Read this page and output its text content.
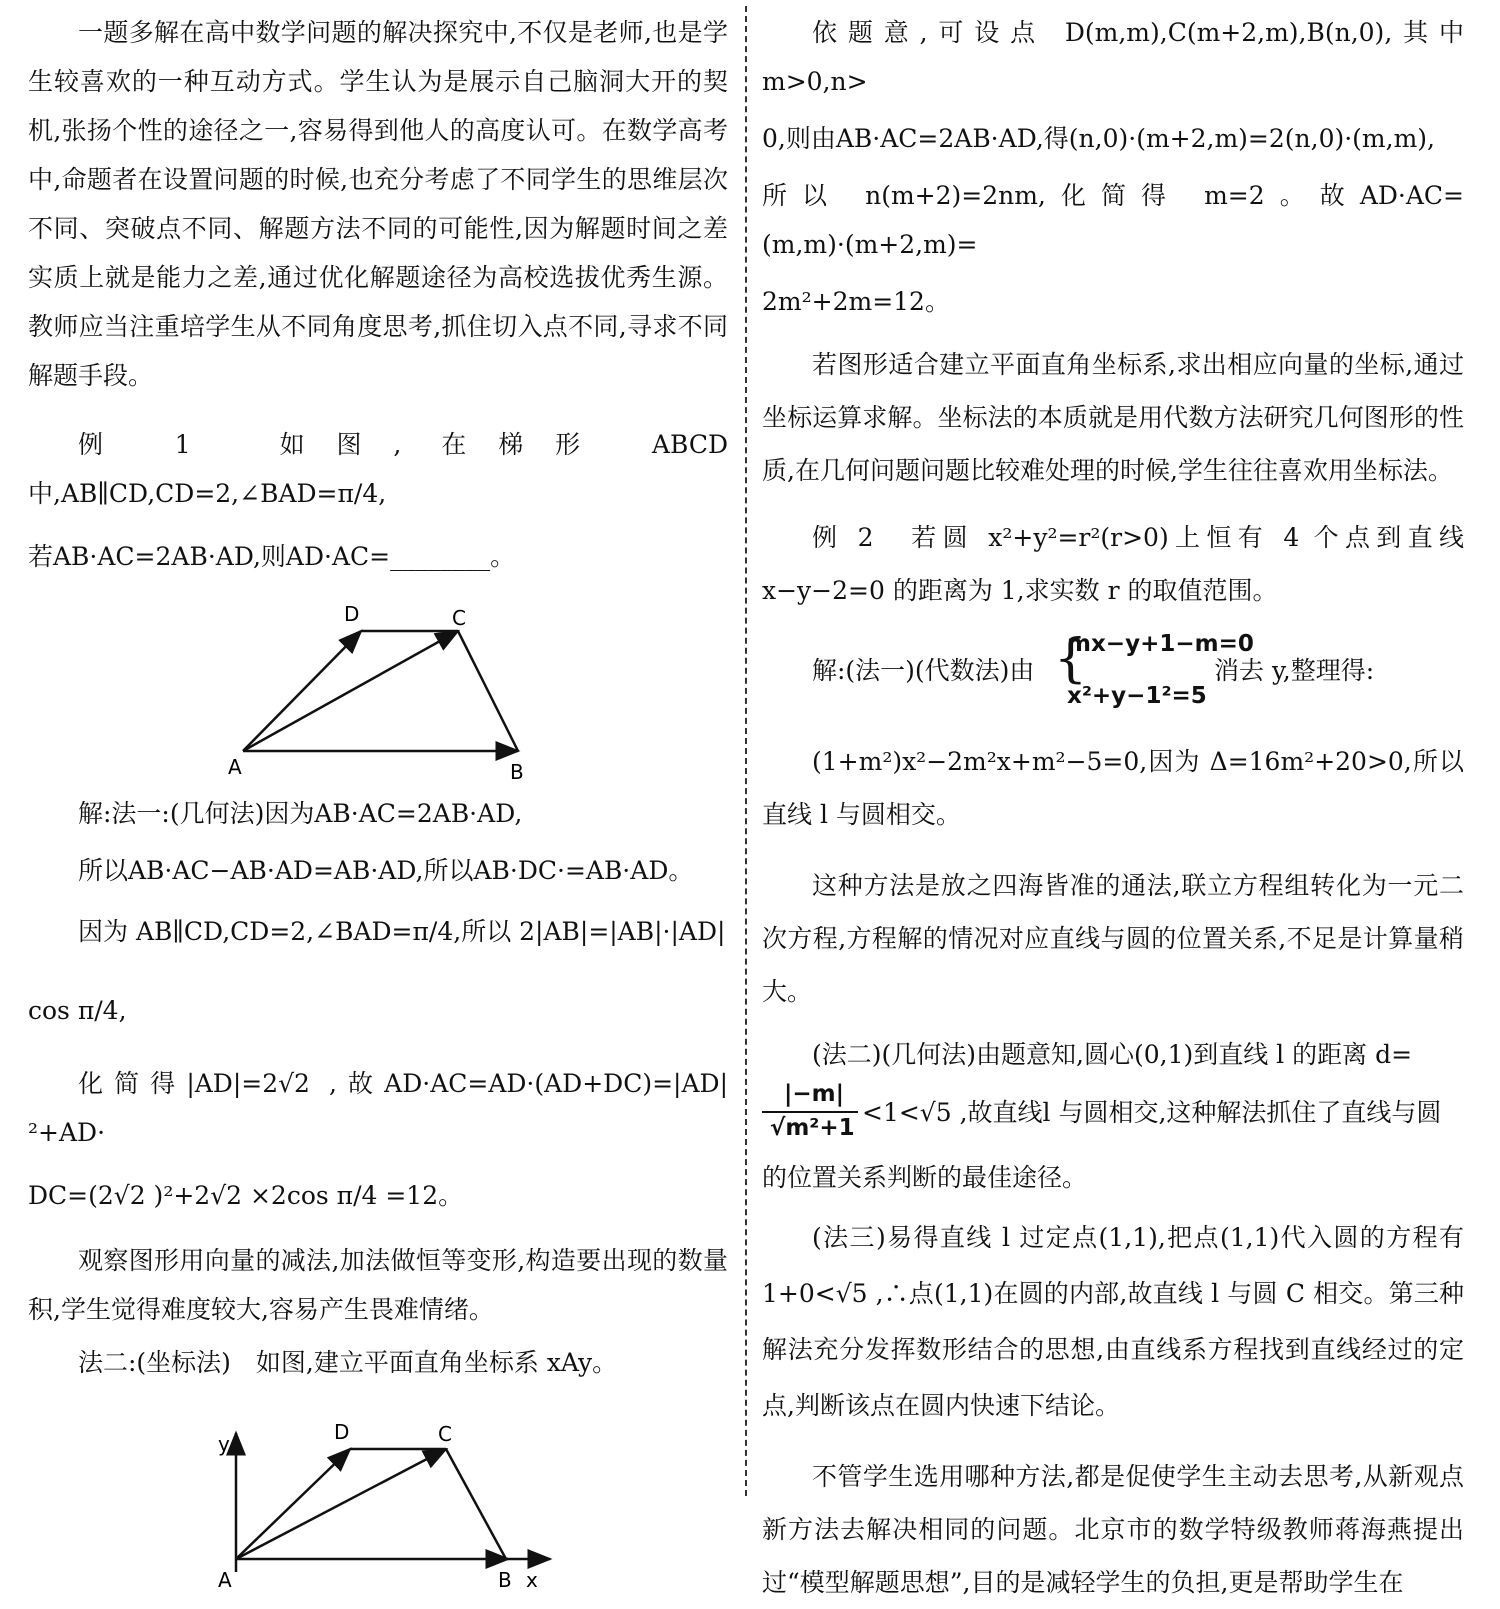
一题多解在高中数学问题的解决探究中,不仅是老师,也是学生较喜欢的一种互动方式。学生认为是展示自己脑洞大开的契机,张扬个性的途径之一,容易得到他人的高度认可。在数学高考中,命题者在设置问题的时候,也充分考虑了不同学生的思维层次不同、突破点不同、解题方法不同的可能性,因为解题时间之差实质上就是能力之差,通过优化解题途径为高校选拔优秀生源。教师应当注重培学生从不同角度思考,抓住切入点不同,寻求不同解题手段。

例 1　如图, 在梯形 ABCD 中,AB∥CD,CD=2,∠BAD=π/4,

若AB·AC=2AB·AD,则AD·AC=________。

A	B
C
D

解:法一:(几何法)因为AB·AC=2AB·AD,

所以AB·AC−AB·AD=AB·AD,所以AB·DC·=AB·AD。

因为 AB∥CD,CD=2,∠BAD=π/4,所以 2|AB|=|AB|·|AD|

cos π/4,

化简得|AD|=2√2 ,故AD·AC=AD·(AD+DC)=|AD|²+AD·

DC=(2√2 )²+2√2 ×2cos π/4 =12。

观察图形用向量的减法,加法做恒等变形,构造要出现的数量积,学生觉得难度较大,容易产生畏难情绪。

法二:(坐标法)　如图,建立平面直角坐标系 xAy。

A	B x
y	C
D

依题意,可设点 D(m,m),C(m+2,m),B(n,0),其中 m>0,n>

0,则由AB·AC=2AB·AD,得(n,0)·(m+2,m)=2(n,0)·(m,m),

所以 n(m+2)=2nm,化简得 m=2。故AD·AC=(m,m)·(m+2,m)=

2m²+2m=12。

若图形适合建立平面直角坐标系,求出相应向量的坐标,通过坐标运算求解。坐标法的本质就是用代数方法研究几何图形的性质,在几何问题问题比较难处理的时候,学生往往喜欢用坐标法。

例 2　若圆 x²+y²=r²(r>0)上恒有 4 个点到直线 x−y−2=0 的距离为 1,求实数 r 的取值范围。

解:(法一)(代数法)由 {
mx−y+1−m=0
x²+y−1²=5
消去 y,整理得:

(1+m²)x²−2m²x+m²−5=0,因为 Δ=16m²+20>0,所以直线 l 与圆相交。

这种方法是放之四海皆准的通法,联立方程组转化为一元二次方程,方程解的情况对应直线与圆的位置关系,不足是计算量稍大。

(法二)(几何法)由题意知,圆心(0,1)到直线 l 的距离 d=

|−m|
√m²+1
<1<√5 ,故直线l 与圆相交,这种解法抓住了直线与圆

的位置关系判断的最佳途径。

(法三)易得直线 l 过定点(1,1),把点(1,1)代入圆的方程有 1+0<√5 ,∴点(1,1)在圆的内部,故直线 l 与圆 C 相交。第三种解法充分发挥数形结合的思想,由直线系方程找到直线经过的定点,判断该点在圆内快速下结论。

不管学生选用哪种方法,都是促使学生主动去思考,从新观点新方法去解决相同的问题。北京市的数学特级教师蒋海燕提出过“模型解题思想”,目的是减轻学生的负担,更是帮助学生在
